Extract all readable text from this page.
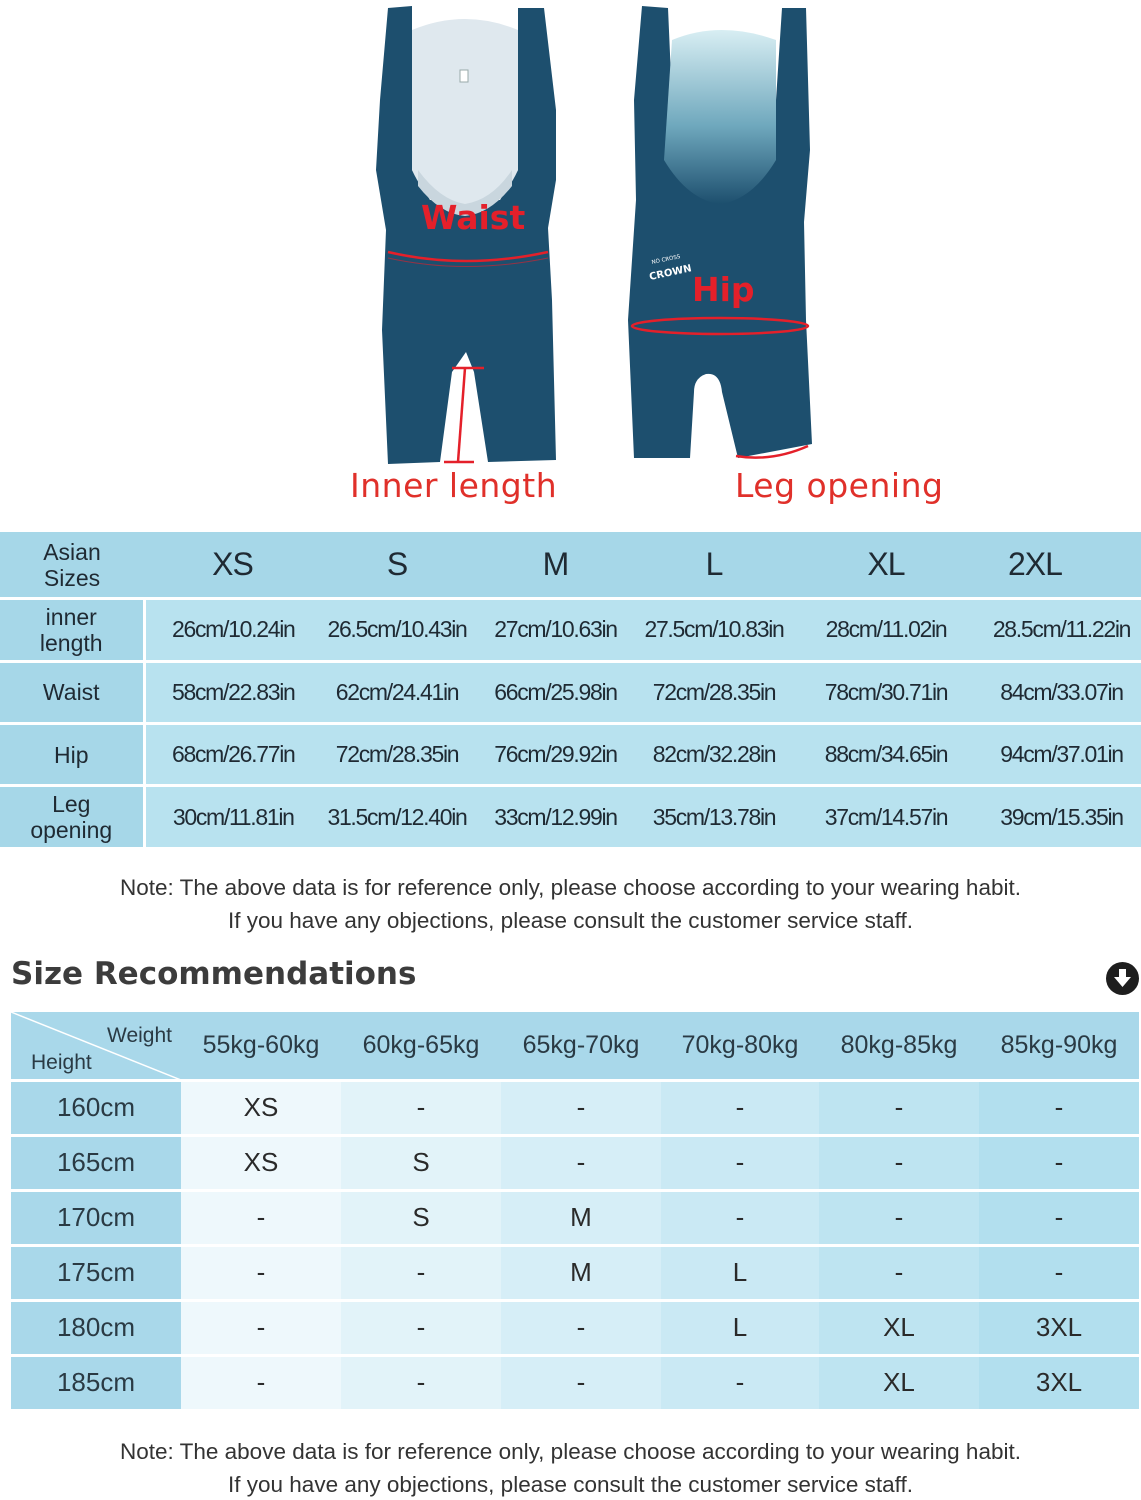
NO CROSS
CROWN
Waist
Hip
Inner length	Leg opening
Asian
Sizes	XS	S	M	L	XL	2XL

inner
length	26cm/10.24in	26.5cm/10.43in	27cm/10.63in	27.5cm/10.83in	28cm/11.02in	28.5cm/11.22in

Waist	58cm/22.83in	62cm/24.41in	66cm/25.98in	72cm/28.35in	78cm/30.71in	84cm/33.07in

Hip	68cm/26.77in	72cm/28.35in	76cm/29.92in	82cm/32.28in	88cm/34.65in	94cm/37.01in

Leg
opening	30cm/11.81in	31.5cm/12.40in	33cm/12.99in	35cm/13.78in	37cm/14.57in	39cm/15.35in
Note: The above data is for reference only, please choose according to your wearing habit.
If you have any objections, please consult the customer service staff.
Size Recommendations
Weight
Height	55kg-60kg	60kg-65kg	65kg-70kg	70kg-80kg	80kg-85kg	85kg-90kg
160cm	XS	-	-	-	-	-
165cm	XS	S	-	-	-	-
170cm	-	S	M	-	-	-
175cm	-	-	M	L	-	-
180cm	-	-	-	L	XL	3XL
185cm	-	-	-	-	XL	3XL
Note: The above data is for reference only, please choose according to your wearing habit.
If you have any objections, please consult the customer service staff.
